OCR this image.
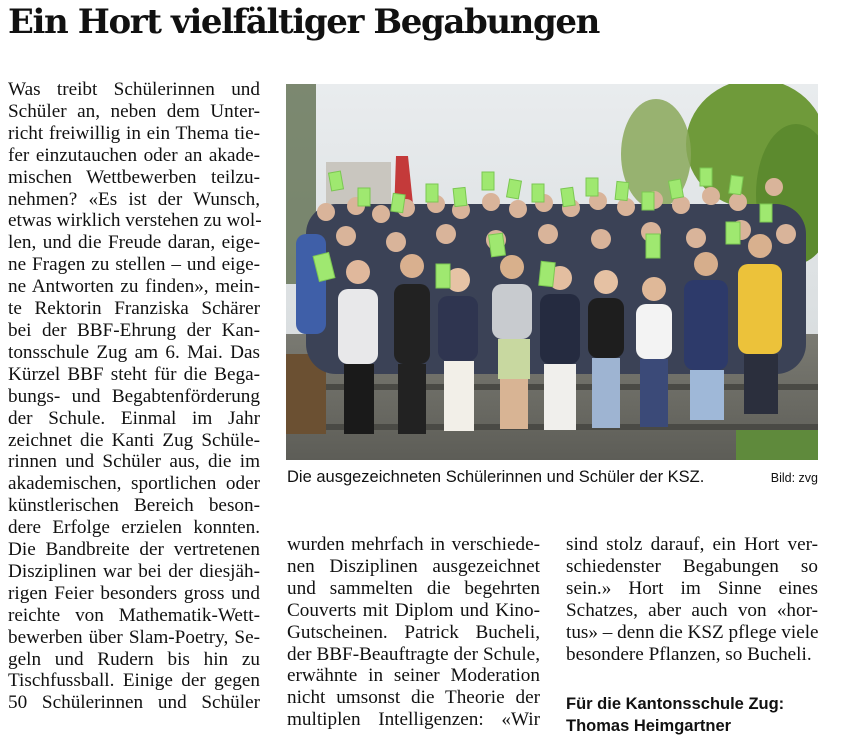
Ein Hort vielfältiger Begabungen
Was treibt Schülerinnen und
Schüler an, neben dem Unter-
richt freiwillig in ein Thema tie-
fer einzutauchen oder an akade-
mischen Wettbewerben teilzu-
nehmen? «Es ist der Wunsch,
etwas wirklich verstehen zu wol-
len, und die Freude daran, eige-
ne Fragen zu stellen – und eige-
ne Antworten zu finden», mein-
te Rektorin Franziska Schärer
bei der BBF-Ehrung der Kan-
tonsschule Zug am 6. Mai. Das
Kürzel BBF steht für die Bega-
bungs- und Begabtenförderung
der Schule. Einmal im Jahr
zeichnet die Kanti Zug Schüle-
rinnen und Schüler aus, die im
akademischen, sportlichen oder
künstlerischen Bereich beson-
dere Erfolge erzielen konnten.
Die Bandbreite der vertretenen
Disziplinen war bei der diesjäh-
rigen Feier besonders gross und
reichte von Mathematik-Wett-
bewerben über Slam-Poetry, Se-
geln und Rudern bis hin zu
Tischfussball. Einige der gegen
50 Schülerinnen und Schüler
Die ausgezeichneten Schülerinnen und Schüler der KSZ.	Bild: zvg
wurden mehrfach in verschiede-
nen Disziplinen ausgezeichnet
und sammelten die begehrten
Couverts mit Diplom und Kino-
Gutscheinen. Patrick Bucheli,
der BBF-Beauftragte der Schule,
erwähnte in seiner Moderation
nicht umsonst die Theorie der
multiplen Intelligenzen: «Wir
sind stolz darauf, ein Hort ver-
schiedenster Begabungen so
sein.» Hort im Sinne eines
Schatzes, aber auch von «hor-
tus» – denn die KSZ pflege viele
besondere Pflanzen, so Bucheli.
Für die Kantonsschule Zug:
Thomas Heimgartner
